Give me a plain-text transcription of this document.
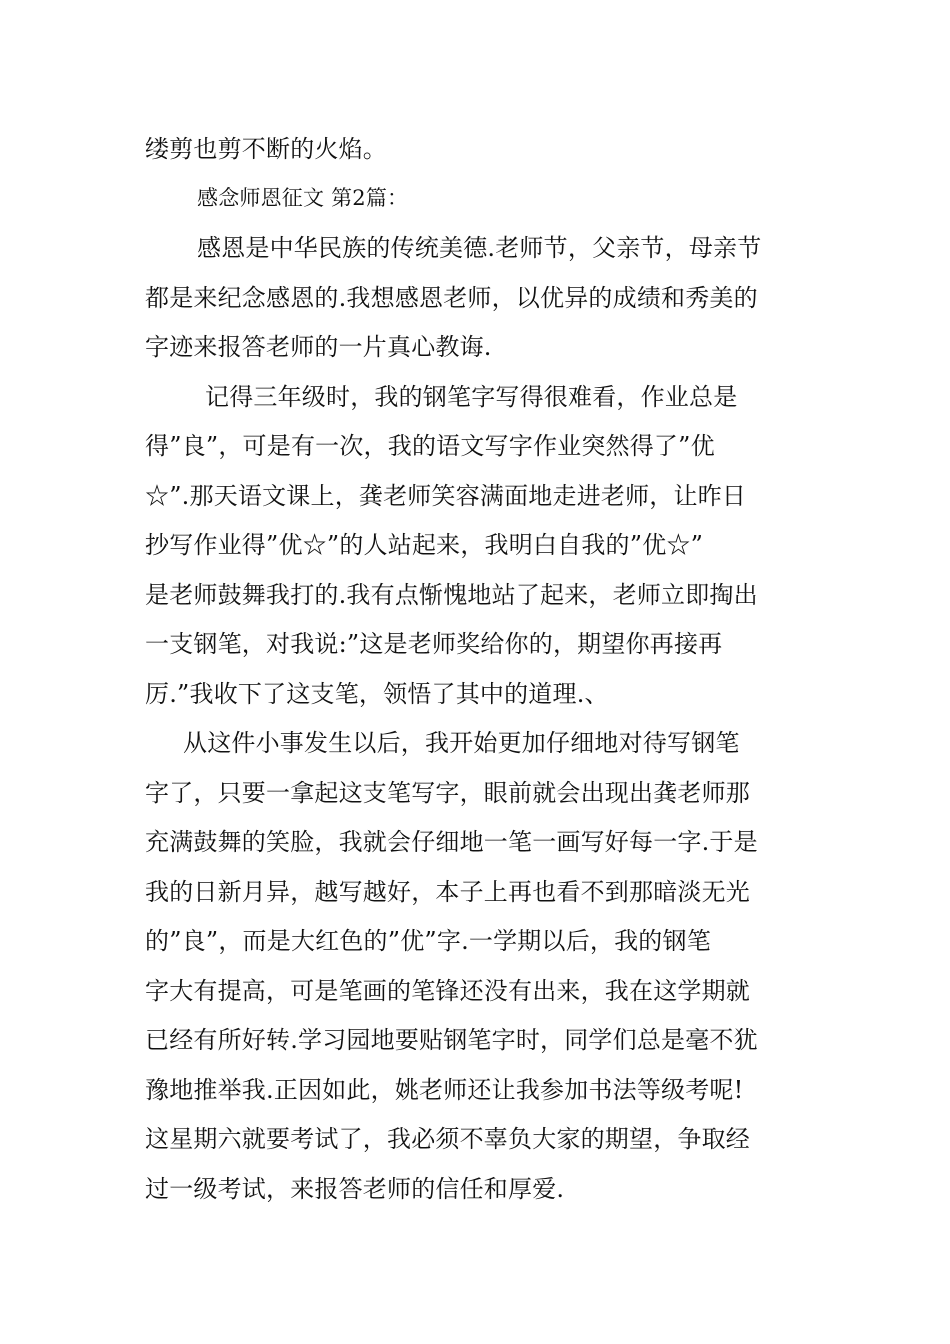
缕剪也剪不断的火焰。
感念师恩征文 第2篇：
感恩是中华民族的传统美德.老师节，父亲节，母亲节
都是来纪念感恩的.我想感恩老师，以优异的成绩和秀美的
字迹来报答老师的一片真心教诲.
记得三年级时，我的钢笔字写得很难看，作业总是
得”良”，可是有一次，我的语文写字作业突然得了”优
☆”.那天语文课上，龚老师笑容满面地走进老师，让昨日
抄写作业得”优☆”的人站起来，我明白自我的”优☆”
是老师鼓舞我打的.我有点惭愧地站了起来，老师立即掏出
一支钢笔，对我说:”这是老师奖给你的，期望你再接再
厉.”我收下了这支笔，领悟了其中的道理.、
从这件小事发生以后，我开始更加仔细地对待写钢笔
字了，只要一拿起这支笔写字，眼前就会出现出龚老师那
充满鼓舞的笑脸，我就会仔细地一笔一画写好每一字.于是
我的日新月异，越写越好，本子上再也看不到那暗淡无光
的”良”，而是大红色的”优”字.一学期以后，我的钢笔
字大有提高，可是笔画的笔锋还没有出来，我在这学期就
已经有所好转.学习园地要贴钢笔字时，同学们总是毫不犹
豫地推举我.正因如此，姚老师还让我参加书法等级考呢!
这星期六就要考试了，我必须不辜负大家的期望，争取经
过一级考试，来报答老师的信任和厚爱.
